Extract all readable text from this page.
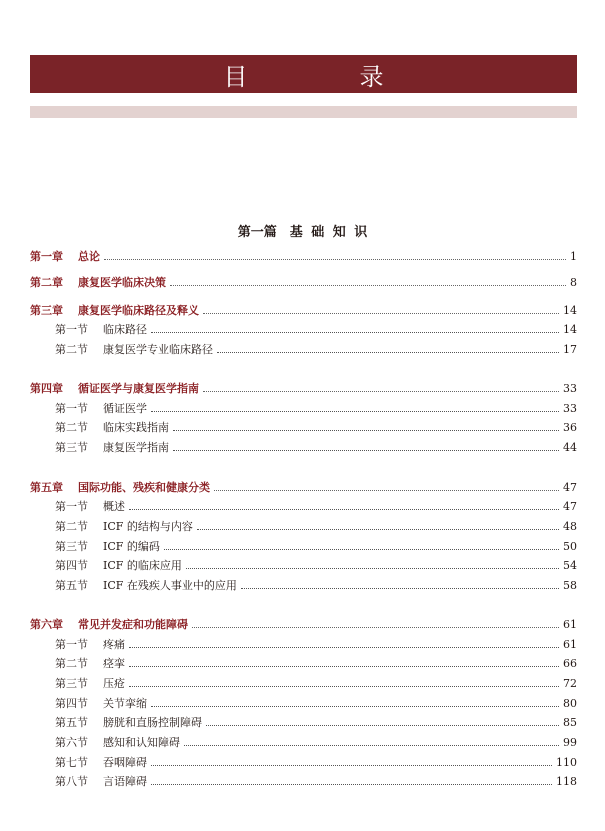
目　录
第一篇　基 础 知 识
第一章	总论	1
第二章	康复医学临床决策	8
第三章	康复医学临床路径及释义	14
第一节	临床路径	14
第二节	康复医学专业临床路径	17
第四章	循证医学与康复医学指南	33
第一节	循证医学	33
第二节	临床实践指南	36
第三节	康复医学指南	44
第五章	国际功能、残疾和健康分类	47
第一节	概述	47
第二节	ICF 的结构与内容	48
第三节	ICF 的编码	50
第四节	ICF 的临床应用	54
第五节	ICF 在残疾人事业中的应用	58
第六章	常见并发症和功能障碍	61
第一节	疼痛	61
第二节	痉挛	66
第三节	压疮	72
第四节	关节挛缩	80
第五节	膀胱和直肠控制障碍	85
第六节	感知和认知障碍	99
第七节	吞咽障碍	110
第八节	言语障碍	118
